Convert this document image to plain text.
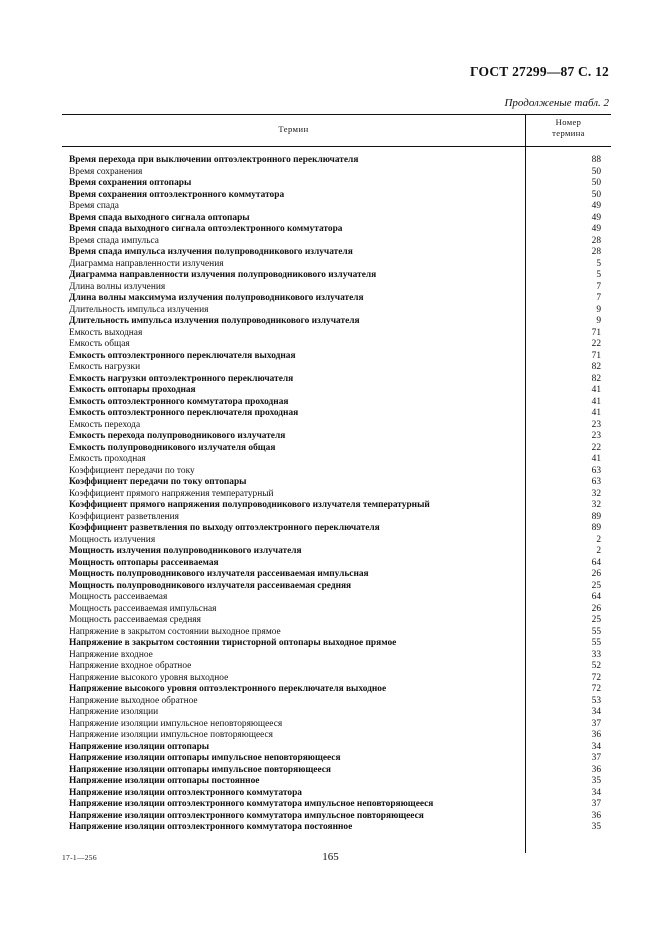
ГОСТ 27299—87 С. 12
Продолженые табл. 2
Термин
Номер
термина
Время перехода при выключении оптоэлектронного переключателя	88
Время сохранения	50
Время сохранения оптопары	50
Время сохранения оптоэлектронного коммутатора	50
Время спада	49
Время спада выходного сигнала оптопары	49
Время спада выходного сигнала оптоэлектронного коммутатора	49
Время спада импульса	28
Время спада импульса излучения полупроводникового излучателя	28
Диаграмма направленности излучения	5
Диаграмма направленности излучения полупроводникового излучателя	5
Длина волны излучения	7
Длина волны максимума излучения полупроводникового излучателя	7
Длительность импульса излучения	9
Длительность импульса излучения полупроводникового излучателя	9
Емкость выходная	71
Емкость общая	22
Емкость оптоэлектронного переключателя выходная	71
Емкость нагрузки	82
Емкость нагрузки оптоэлектронного переключателя	82
Емкость оптопары проходная	41
Емкость оптоэлектронного коммутатора проходная	41
Емкость оптоэлектронного переключателя проходная	41
Емкость перехода	23
Емкость перехода полупроводникового излучателя	23
Емкость полупроводникового излучателя общая	22
Емкость проходная	41
Коэффициент передачи по току	63
Коэффициент передачи по току оптопары	63
Коэффициент прямого напряжения температурный	32
Коэффициент прямого напряжения полупроводникового излучателя температурный	32
Коэффициент разветвления	89
Коэффициент разветвления по выходу оптоэлектронного переключателя	89
Мощность излучения	2
Мощность излучения полупроводникового излучателя	2
Мощность оптопары рассеиваемая	64
Мощность полупроводникового излучателя рассеиваемая импульсная	26
Мощность полупроводникового излучателя рассеиваемая средняя	25
Мощность рассеиваемая	64
Мощность рассеиваемая импульсная	26
Мощность рассеиваемая средняя	25
Напряжение в закрытом состоянии выходное прямое	55
Напряжение в закрытом состоянии тиристорной оптопары выходное прямое	55
Напряжение входное	33
Напряжение входное обратное	52
Напряжение высокого уровня выходное	72
Напряжение высокого уровня оптоэлектронного переключателя выходное	72
Напряжение выходное обратное	53
Напряжение изоляции	34
Напряжение изоляции импульсное неповторяющееся	37
Напряжение изоляции импульсное повторяющееся	36
Напряжение изоляции оптопары	34
Напряжение изоляции оптопары импульсное неповторяющееся	37
Напряжение изоляции оптопары импульсное повторяющееся	36
Напряжение изоляции оптопары постоянное	35
Напряжение изоляции оптоэлектронного коммутатора	34
Напряжение изоляции оптоэлектронного коммутатора импульсное неповторяющееся	37
Напряжение изоляции оптоэлектронного коммутатора импульсное повторяющееся	36
Напряжение изоляции оптоэлектронного коммутатора постоянное	35
17-1—256	165
